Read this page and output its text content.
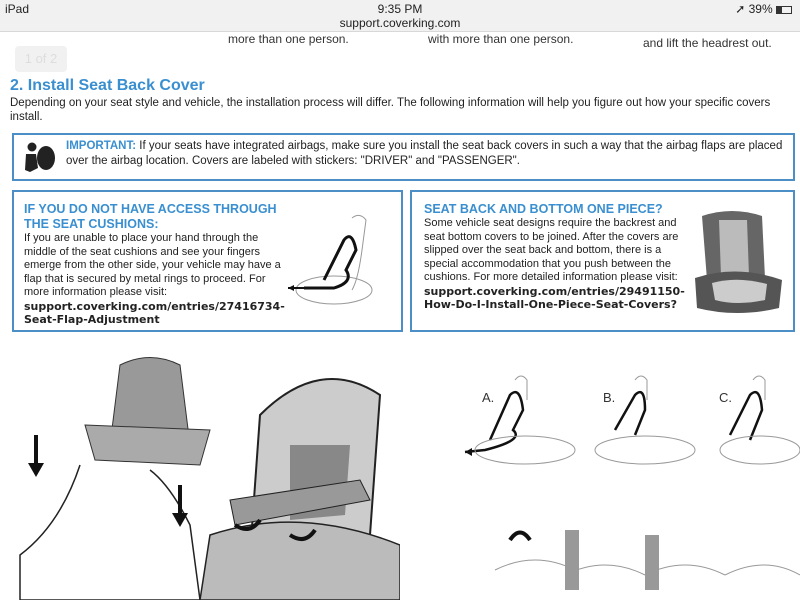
iPad	9:35 PM
support.coverking.com
➚ 39%
more than one person.	with more than one person.	and lift the headrest out.
1 of 2
2. Install Seat Back Cover
Depending on your seat style and vehicle, the installation process will differ. The following information will help you figure out how your specific covers install.
IMPORTANT: If your seats have integrated airbags, make sure you install the seat back covers in such a way that the airbag flaps are placed over the airbag location. Covers are labeled with stickers: "DRIVER" and "PASSENGER".
IF YOU DO NOT HAVE ACCESS THROUGH THE SEAT CUSHIONS:
If you are unable to place your hand through the middle of the seat cushions and see your fingers emerge from the other side, your vehicle may have a flap that is secured by metal rings to proceed. For more information please visit:
support.coverking.com/entries/27416734-Seat-Flap-Adjustment
SEAT BACK AND BOTTOM ONE PIECE?
Some vehicle seat designs require the backrest and seat bottom covers to be joined. After the covers are slipped over the seat back and bottom, there is a special accommodation that you push between the cushions. For more detailed information please visit:
support.coverking.com/entries/29491150-How-Do-I-Install-One-Piece-Seat-Covers?
A.	B.	C.
